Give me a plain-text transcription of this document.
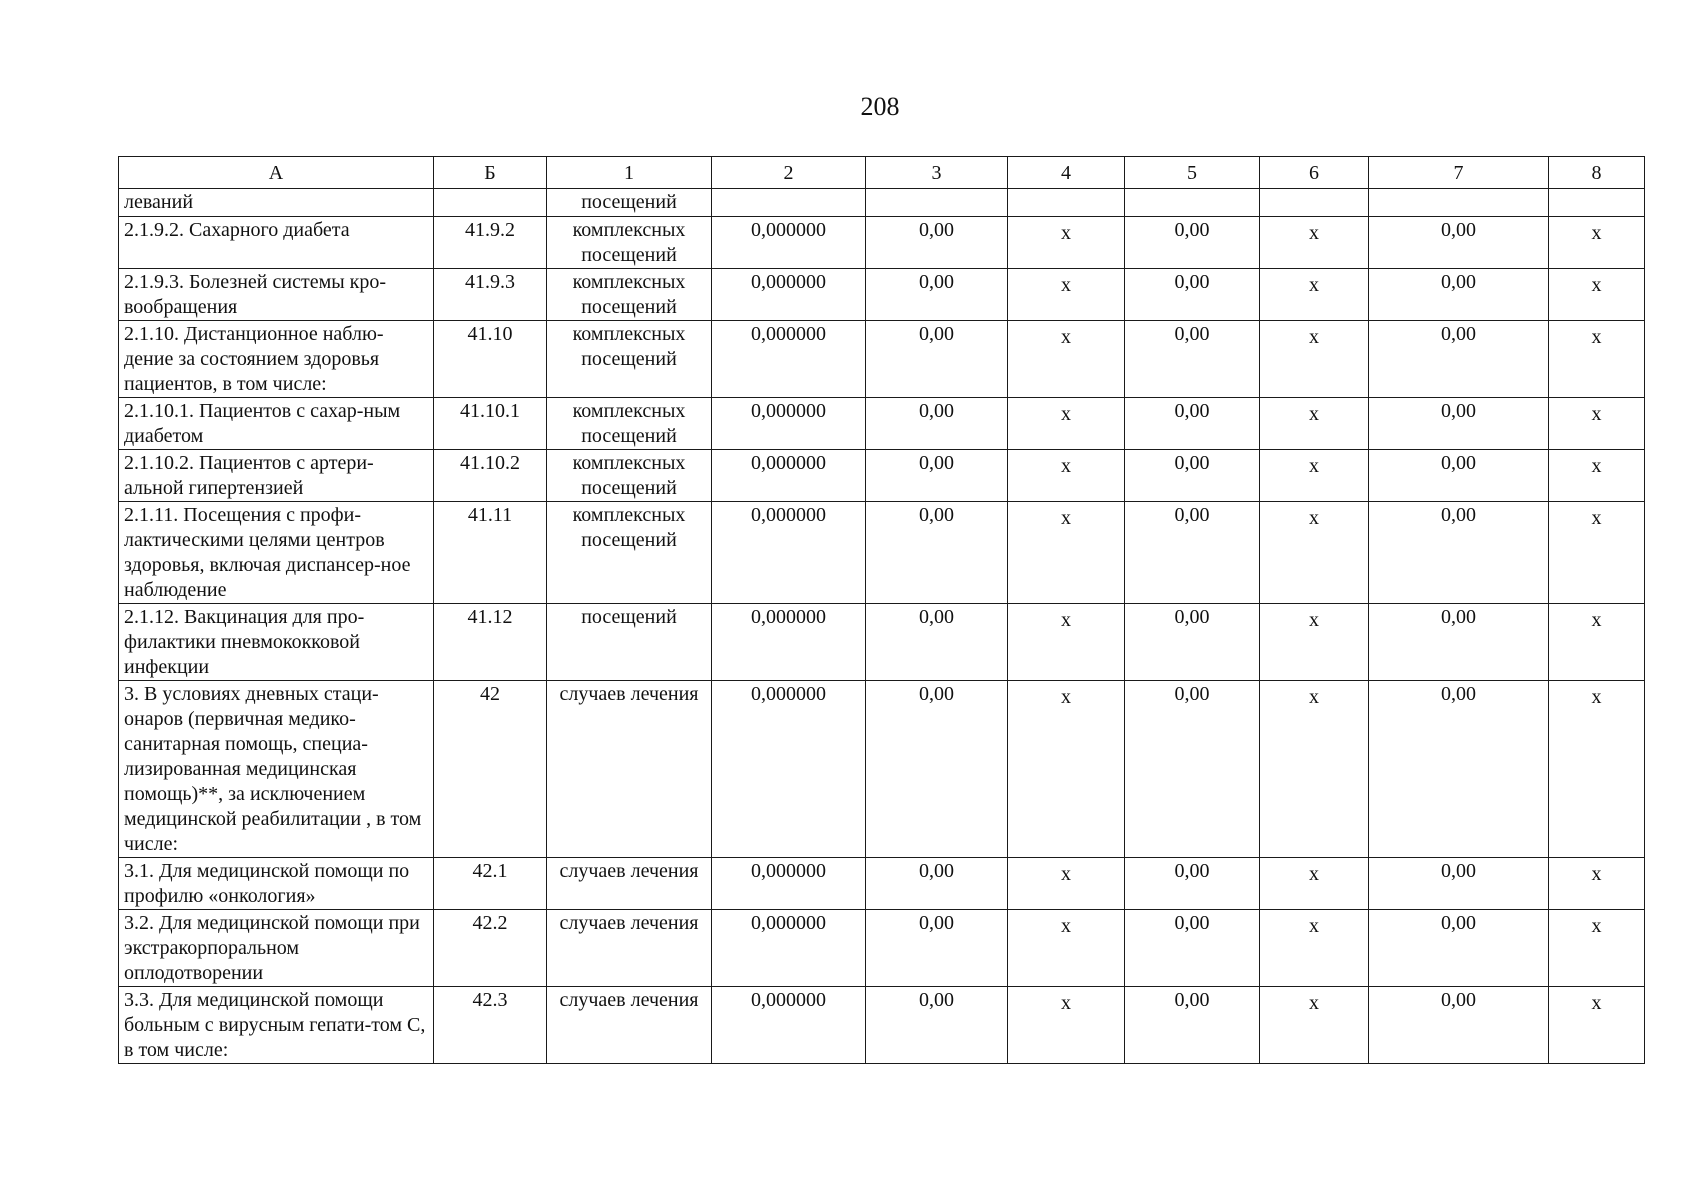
208
А	Б	1	2	3	4	5	6	7	8
леваний		посещений							
2.1.9.2. Сахарного диабета	41.9.2	комплексных посещений	0,000000	0,00	х	0,00	х	0,00	х
2.1.9.3. Болезней системы кро-вообращения	41.9.3	комплексных посещений	0,000000	0,00	х	0,00	х	0,00	х
2.1.10. Дистанционное наблю-дение за состоянием здоровья пациентов, в том числе:	41.10	комплексных посещений	0,000000	0,00	х	0,00	х	0,00	х
2.1.10.1. Пациентов с сахар-ным диабетом	41.10.1	комплексных посещений	0,000000	0,00	х	0,00	х	0,00	х
2.1.10.2. Пациентов с артери-альной гипертензией	41.10.2	комплексных посещений	0,000000	0,00	х	0,00	х	0,00	х
2.1.11. Посещения с профи-лактическими целями центров здоровья, включая диспансер-ное наблюдение	41.11	комплексных посещений	0,000000	0,00	х	0,00	х	0,00	х
2.1.12. Вакцинация для про-филактики пневмококковой инфекции	41.12	посещений	0,000000	0,00	х	0,00	х	0,00	х
3. В условиях дневных стаци-онаров (первичная медико-санитарная помощь, специа-лизированная медицинская помощь)**, за исключением медицинской реабилитации , в том числе:	42	случаев лечения	0,000000	0,00	х	0,00	х	0,00	х
3.1. Для медицинской помощи по профилю «онкология»	42.1	случаев лечения	0,000000	0,00	х	0,00	х	0,00	х
3.2. Для медицинской помощи при экстракорпоральном оплодотворении	42.2	случаев лечения	0,000000	0,00	х	0,00	х	0,00	х
3.3. Для медицинской помощи больным с вирусным гепати-том С, в том числе:	42.3	случаев лечения	0,000000	0,00	х	0,00	х	0,00	х
